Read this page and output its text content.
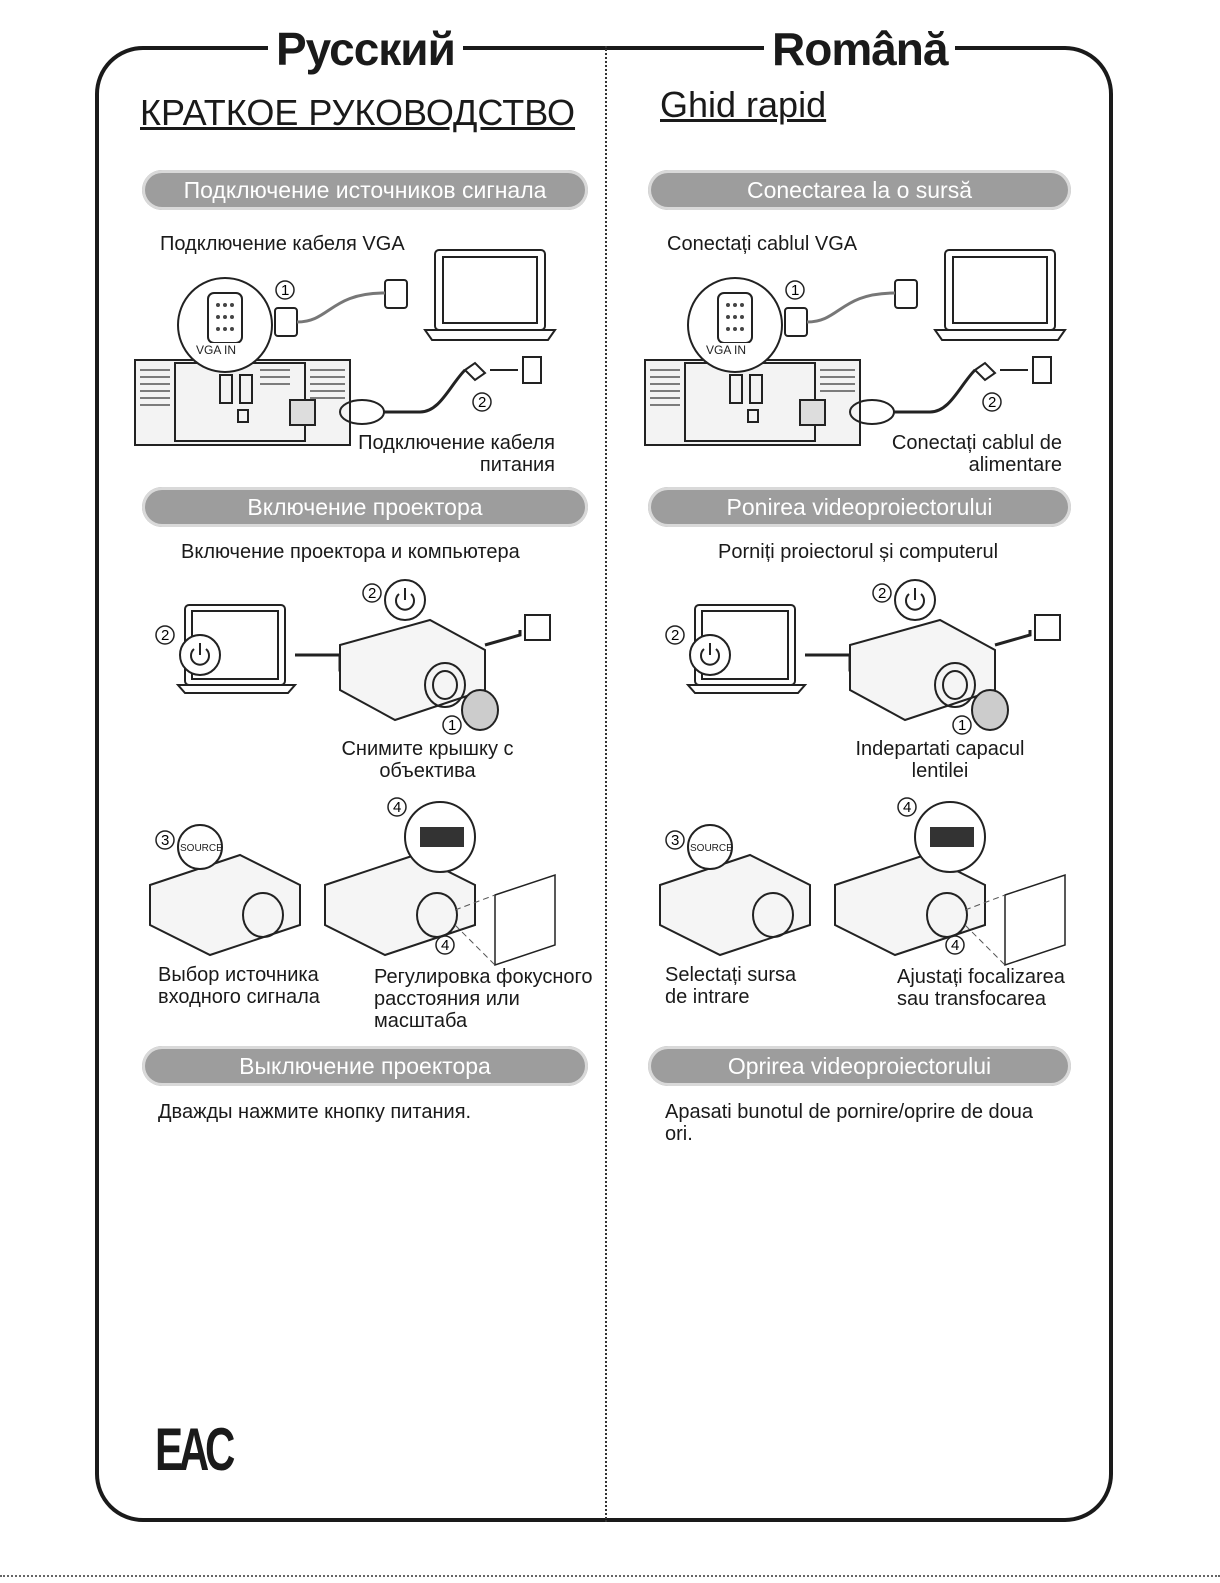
Русский	Română
КРАТКОЕ РУКОВОДСТВО Ghid rapid
Подключение источников сигнала
Подключение кабеля VGA
VGA IN
1
2
Подключение кабеля
питания
Включение проектора
Включение проектора и компьютера
2
2
1
Снимите крышку с
объектива
SOURCE
3
4
4
Выбор источника
входного сигнала
Регулировка фокусного
расстояния или
масштаба
Выключение проектора
Дважды нажмите кнопку питания.
EAC
Conectarea la o sursă
Conectați cablul VGA
VGA IN
1
2
Conectați cablul de
alimentare
Ponirea videoproiectorului
Porniți proiectorul și computerul
2
2
1
Indepartati capacul
lentilei
SOURCE
3
4
4
Selectați sursa
de intrare
Ajustați focalizarea
sau transfocarea
Oprirea videoproiectorului
Apasati bunotul de pornire/oprire de doua
ori.
